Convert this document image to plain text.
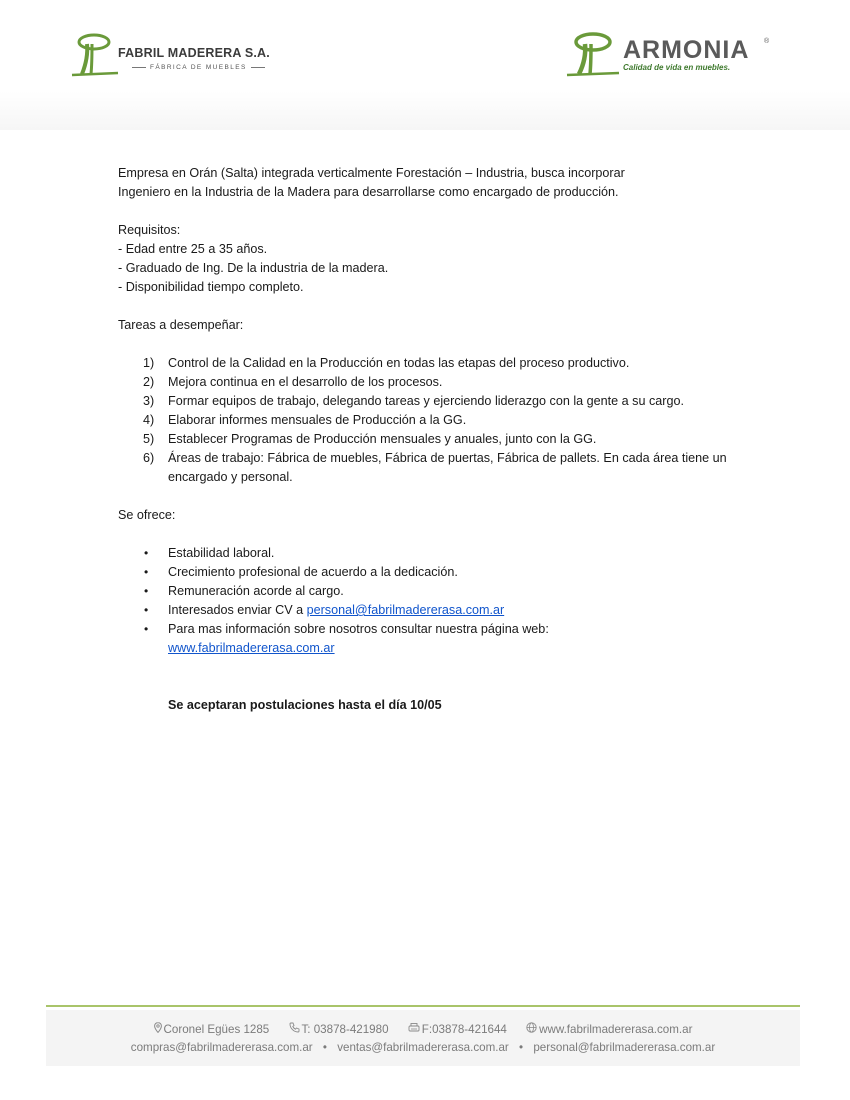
FABRIL MADERERA S.A.
FÁBRICA DE MUEBLES
ARMONIA ®
Calidad de vida en muebles.

Empresa en Orán (Salta) integrada verticalmente Forestación – Industria, busca incorporar

Ingeniero en la Industria de la Madera para desarrollarse como encargado de producción.

Requisitos:

- Edad entre 25 a 35 años.

- Graduado de Ing. De la industria de la madera.

- Disponibilidad tiempo completo.

Tareas a desempeñar:

1) Control de la Calidad en la Producción en todas las etapas del proceso productivo.
2) Mejora continua en el desarrollo de los procesos.
3) Formar equipos de trabajo, delegando tareas y ejerciendo liderazgo con la gente a su cargo.
4) Elaborar informes mensuales de Producción a la GG.
5) Establecer Programas de Producción mensuales y anuales, junto con la GG.
6) Áreas de trabajo: Fábrica de muebles, Fábrica de puertas, Fábrica de pallets. En cada área tiene un encargado y personal.

Se ofrece:

• Estabilidad laboral.
• Crecimiento profesional de acuerdo a la dedicación.
• Remuneración acorde al cargo.
• Interesados enviar CV a personal@fabrilmadererasa.com.ar
• Para mas información sobre nosotros consultar nuestra página web:
www.fabrilmadererasa.com.ar

Se aceptaran postulaciones hasta el día 10/05

Coronel Egües 1285	T: 03878-421980	F:03878-421644	www.fabrilmadererasa.com.ar
compras@fabrilmadererasa.com.ar • ventas@fabrilmadererasa.com.ar • personal@fabrilmadererasa.com.ar
